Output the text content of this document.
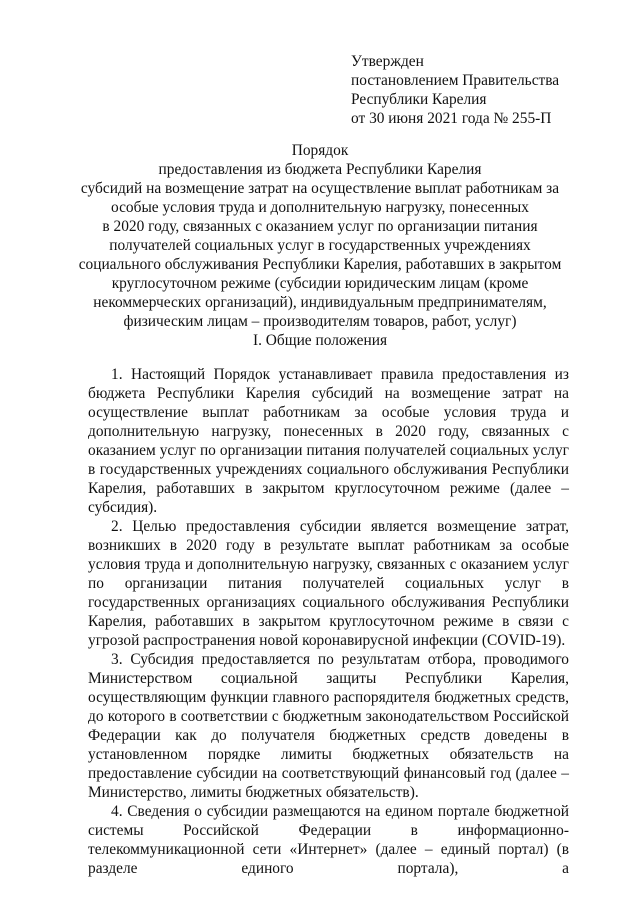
Утвержден
постановлением Правительства
Республики Карелия
от 30 июня 2021 года № 255-П
Порядок
предоставления из бюджета Республики Карелия
субсидий на возмещение затрат на осуществление выплат работникам за
особые условия труда и дополнительную нагрузку, понесенных
в 2020 году, связанных с оказанием услуг по организации питания
получателей социальных услуг в государственных учреждениях
социального обслуживания Республики Карелия, работавших в закрытом
круглосуточном режиме (субсидии юридическим лицам (кроме
некоммерческих организаций), индивидуальным предпринимателям,
физическим лицам – производителям товаров, работ, услуг)
I. Общие положения

1. Настоящий Порядок устанавливает правила предоставления из бюджета Республики Карелия субсидий на возмещение затрат на осуществление выплат работникам за особые условия труда и дополнительную нагрузку, понесенных в 2020 году, связанных с оказанием услуг по организации питания получателей социальных услуг в государственных учреждениях социального обслуживания Республики Карелия, работавших в закрытом круглосуточном режиме (далее – субсидия).

2. Целью предоставления субсидии является возмещение затрат, возникших в 2020 году в результате выплат работникам за особые условия труда и дополнительную нагрузку, связанных с оказанием услуг по организации питания получателей социальных услуг в государственных организациях социального обслуживания Республики Карелия, работавших в закрытом круглосуточном режиме в связи с угрозой распространения новой коронавирусной инфекции (COVID-19).

3. Субсидия предоставляется по результатам отбора, проводимого Министерством социальной защиты Республики Карелия, осуществляющим функции главного распорядителя бюджетных средств, до которого в соответствии с бюджетным законодательством Российской Федерации как до получателя бюджетных средств доведены в установленном порядке лимиты бюджетных обязательств на предоставление субсидии на соответствующий финансовый год (далее – Министерство, лимиты бюджетных обязательств).

4. Сведения о субсидии размещаются на едином портале бюджетной системы Российской Федерации в информационно-телекоммуникационной сети «Интернет» (далее – единый портал) (в разделе единого портала), а
